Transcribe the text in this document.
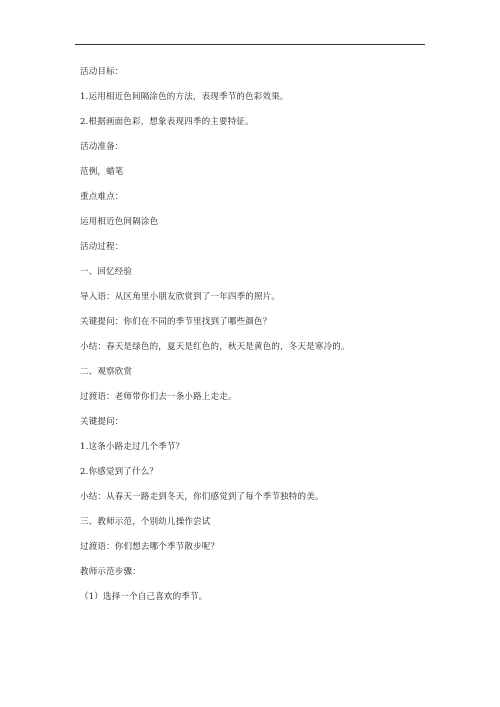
活动目标：
1.运用相近色间隔涂色的方法，表现季节的色彩效果。
2.根据画面色彩，想象表现四季的主要特征。
活动准备：
范例，蜡笔
重点难点：
运用相近色间隔涂色
活动过程：
一、回忆经验
导入语：从区角里小朋友欣赏到了一年四季的照片。
关键提问：你们在不同的季节里找到了哪些颜色？
小结：春天是绿色的，夏天是红色的，秋天是黄色的，冬天是寒冷的。
二、观察欣赏
过渡语：老师带你们去一条小路上走走。
关键提问：
1.这条小路走过几个季节？
2.你感觉到了什么？
小结：从春天一路走到冬天，你们感觉到了每个季节独特的美。
三、教师示范，个别幼儿操作尝试
过渡语：你们想去哪个季节散步呢？
教师示范步骤：
（1）选择一个自己喜欢的季节。
